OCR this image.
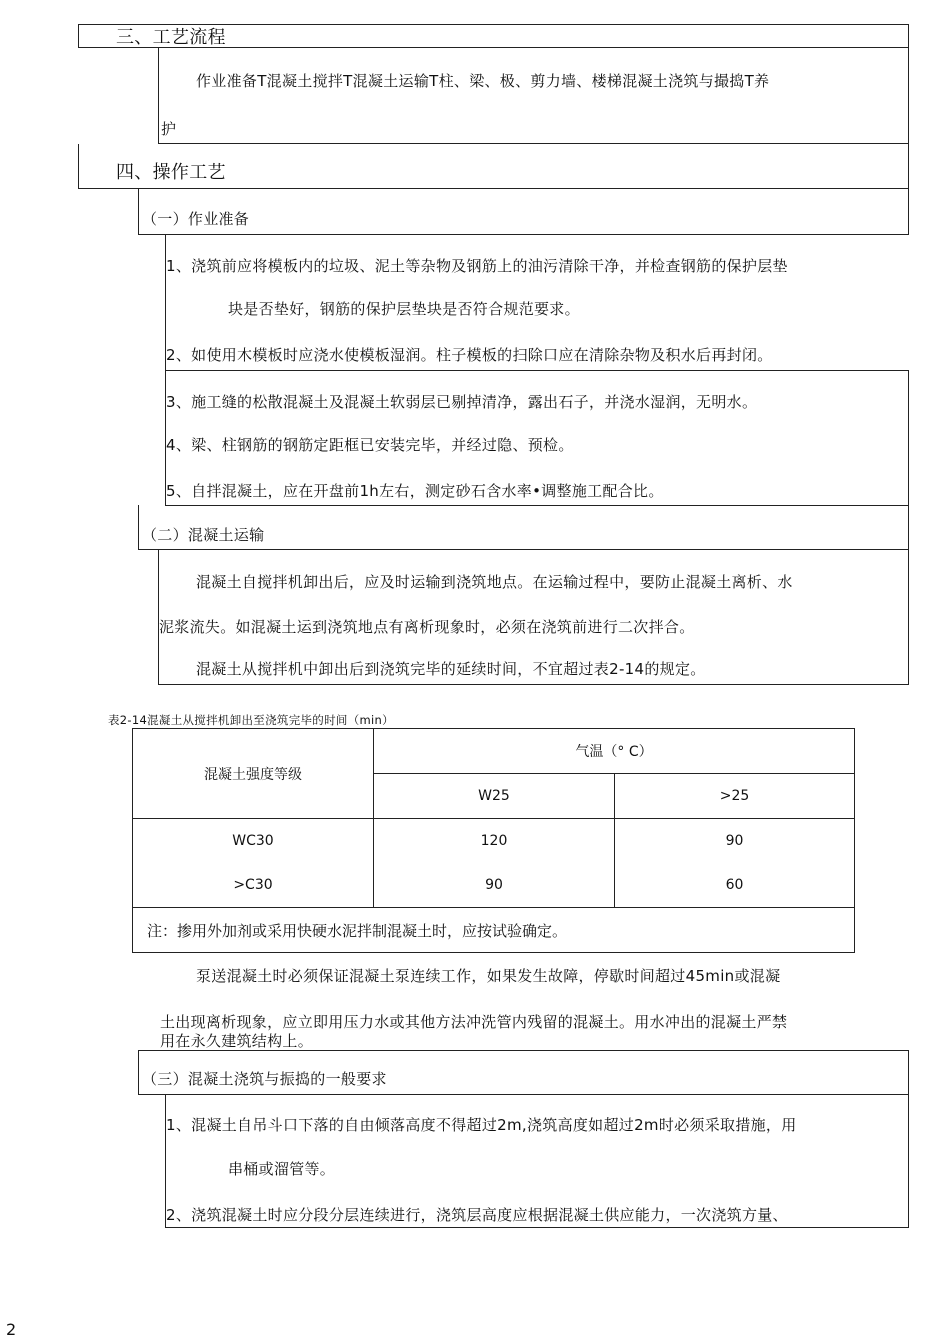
三、工艺流程
作业准备T混凝土搅拌T混凝土运输T柱、梁、极、剪力墙、楼梯混凝土浇筑与撮捣T养
护
四、操作工艺
（一）作业准备
1、浇筑前应将模板内的垃圾、泥土等杂物及钢筋上的油污清除干净，并检查钢筋的保护层垫
块是否垫好，钢筋的保护层垫块是否符合规范要求。
2、如使用木模板时应浇水使模板湿润。柱子模板的扫除口应在清除杂物及积水后再封闭。
3、施工缝的松散混凝土及混凝土软弱层已剔掉清净，露出石子，并浇水湿润，无明水。
4、梁、柱钢筋的钢筋定距框已安装完毕，并经过隐、预检。
5、自拌混凝土，应在开盘前1h左右，测定砂石含水率•调整施工配合比。
（二）混凝土运输
混凝土自搅拌机卸出后，应及时运输到浇筑地点。在运输过程中，要防止混凝土离析、水
泥浆流失。如混凝土运到浇筑地点有离析现象时，必须在浇筑前进行二次拌合。
混凝土从搅拌机中卸出后到浇筑完毕的延续时间，不宜超过表2-14的规定。
表2-14混凝土从搅拌机卸出至浇筑完毕的时间（min）
混凝土强度等级	气温（° C）	
	W25	>25
WC30	120	90
>C30	90	60
注：掺用外加剂或采用快硬水泥拌制混凝土时，应按试验确定。		
泵送混凝土时必须保证混凝土泵连续工作，如果发生故障，停歇时间超过45min或混凝
土出现离析现象，应立即用压力水或其他方法冲洗管内残留的混凝土。用水冲出的混凝土严禁
用在永久建筑结构上。
（三）混凝土浇筑与振捣的一般要求
1、混凝土自吊斗口下落的自由倾落高度不得超过2m,浇筑高度如超过2m时必须采取措施，用
串桶或溜管等。
2、浇筑混凝土时应分段分层连续进行，浇筑层高度应根据混凝土供应能力，一次浇筑方量、
2
